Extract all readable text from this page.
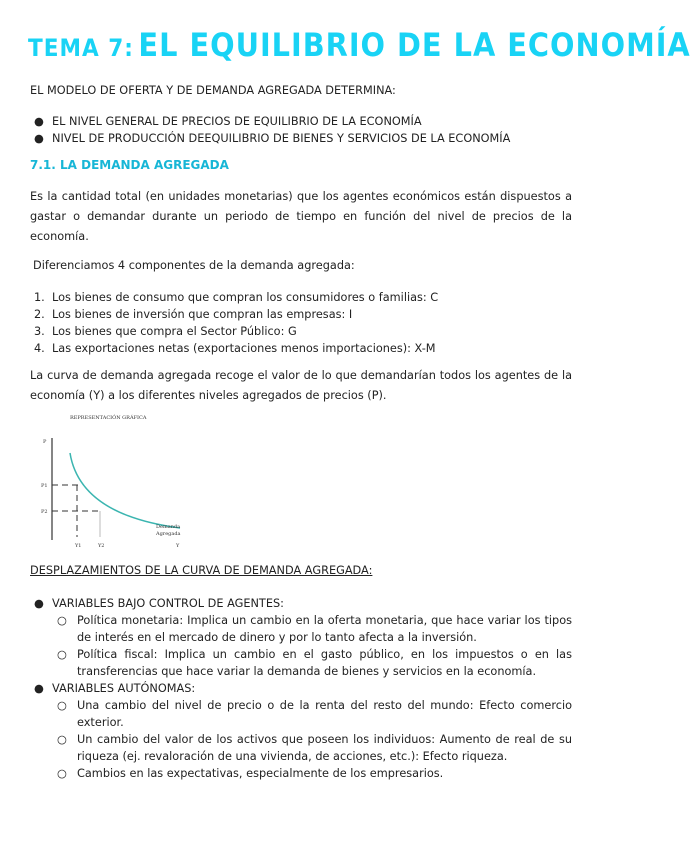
TEMA 7: EL EQUILIBRIO DE LA ECONOMÍA
EL MODELO DE OFERTA Y DE DEMANDA AGREGADA DETERMINA:
● EL NIVEL GENERAL DE PRECIOS DE EQUILIBRIO DE LA ECONOMÍA
● NIVEL DE PRODUCCIÓN DEEQUILIBRIO DE BIENES Y SERVICIOS DE LA ECONOMÍA
7.1. LA DEMANDA AGREGADA
Es la cantidad total (en unidades monetarias) que los agentes económicos están dispuestos a gastar o demandar durante un periodo de tiempo en función del nivel de precios de la economía.
Diferenciamos 4 componentes de la demanda agregada:
1. Los bienes de consumo que compran los consumidores o familias: C
2. Los bienes de inversión que compran las empresas: I
3. Los bienes que compra el Sector Público: G
4. Las exportaciones netas (exportaciones menos importaciones): X-M
La curva de demanda agregada recoge el valor de lo que demandarían todos los agentes de la economía (Y) a los diferentes niveles agregados de precios (P).
REPRESENTACIÓN GRÁFICA
P
P1
P2
Y1	Y2
Demanda
Agregada
Y
DESPLAZAMIENTOS DE LA CURVA DE DEMANDA AGREGADA:
● VARIABLES BAJO CONTROL DE AGENTES:
○ Política monetaria: Implica un cambio en la oferta monetaria, que hace variar los tipos de interés en el mercado de dinero y por lo tanto afecta a la inversión.
○ Política fiscal: Implica un cambio en el gasto público, en los impuestos o en las transferencias que hace variar la demanda de bienes y servicios en la economía.
● VARIABLES AUTÓNOMAS:
○ Una cambio del nivel de precio o de la renta del resto del mundo: Efecto comercio exterior.
○ Un cambio del valor de los activos que poseen los individuos: Aumento de real de su riqueza (ej. revaloración de una vivienda, de acciones, etc.): Efecto riqueza.
○ Cambios en las expectativas, especialmente de los empresarios.
